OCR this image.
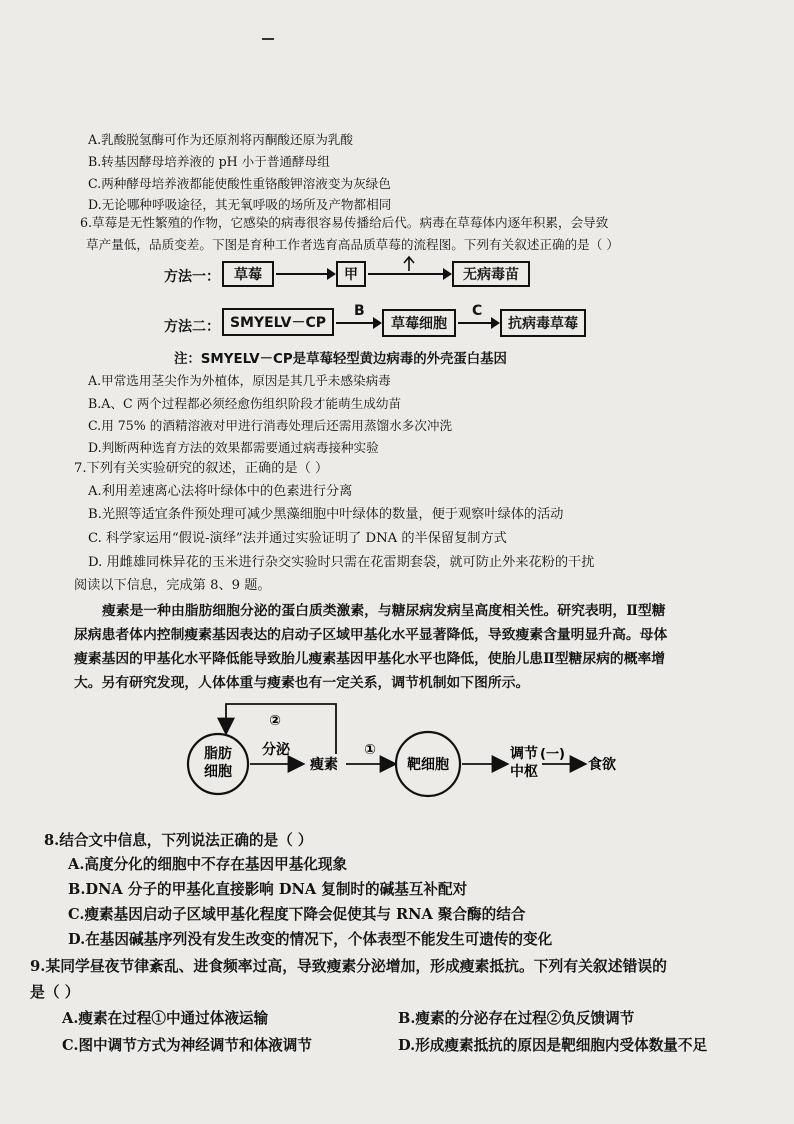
A.乳酸脱氢酶可作为还原剂将丙酮酸还原为乳酸
B.转基因酵母培养液的 pH 小于普通酵母组
C.两种酵母培养液都能使酸性重铬酸钾溶液变为灰绿色
D.无论哪种呼吸途径，其无氧呼吸的场所及产物都相同
6.草莓是无性繁殖的作物，它感染的病毒很容易传播给后代。病毒在草莓体内逐年积累，会导致
草产量低，品质变差。下图是育种工作者选育高品质草莓的流程图。下列有关叙述正确的是（ ）
方法一：	草莓	甲	无病毒苗
方法二： SMYELV－CP
B
草莓细胞
C
抗病毒草莓
注：SMYELV－CP是草莓轻型黄边病毒的外壳蛋白基因
A.甲常选用茎尖作为外植体，原因是其几乎未感染病毒
B.A、C 两个过程都必须经愈伤组织阶段才能萌生成幼苗
C.用 75% 的酒精溶液对甲进行消毒处理后还需用蒸馏水多次冲洗
D.判断两种选育方法的效果都需要通过病毒接种实验
7.下列有关实验研究的叙述，正确的是（ ）
A.利用差速离心法将叶绿体中的色素进行分离
B.光照等适宜条件预处理可减少黑藻细胞中叶绿体的数量，便于观察叶绿体的活动
C. 科学家运用“假说-演绎”法并通过实验证明了 DNA 的半保留复制方式
D. 用雌雄同株异花的玉米进行杂交实验时只需在花雷期套袋，就可防止外来花粉的干扰
阅读以下信息，完成第 8、9 题。
瘦素是一种由脂肪细胞分泌的蛋白质类激素，与糖尿病发病呈高度相关性。研究表明，Ⅱ型糖
尿病患者体内控制瘦素基因表达的启动子区域甲基化水平显著降低，导致瘦素含量明显升高。母体
瘦素基因的甲基化水平降低能导致胎儿瘦素基因甲基化水平也降低，使胎儿患Ⅱ型糖尿病的概率增
大。另有研究发现，人体体重与瘦素也有一定关系，调节机制如下图所示。
脂肪
细胞
分泌
瘦素
②
①
靶细胞
调节 (一)
中枢	食欲
8.结合文中信息，下列说法正确的是（ ）
A.高度分化的细胞中不存在基因甲基化现象
B.DNA 分子的甲基化直接影响 DNA 复制时的碱基互补配对
C.瘦素基因启动子区域甲基化程度下降会促使其与 RNA 聚合酶的结合
D.在基因碱基序列没有发生改变的情况下，个体表型不能发生可遗传的变化
9.某同学昼夜节律紊乱、进食频率过高，导致瘦素分泌增加，形成瘦素抵抗。下列有关叙述错误的
是（ ）
A.瘦素在过程①中通过体液运输	B.瘦素的分泌存在过程②负反馈调节
C.图中调节方式为神经调节和体液调节	D.形成瘦素抵抗的原因是靶细胞内受体数量不足
